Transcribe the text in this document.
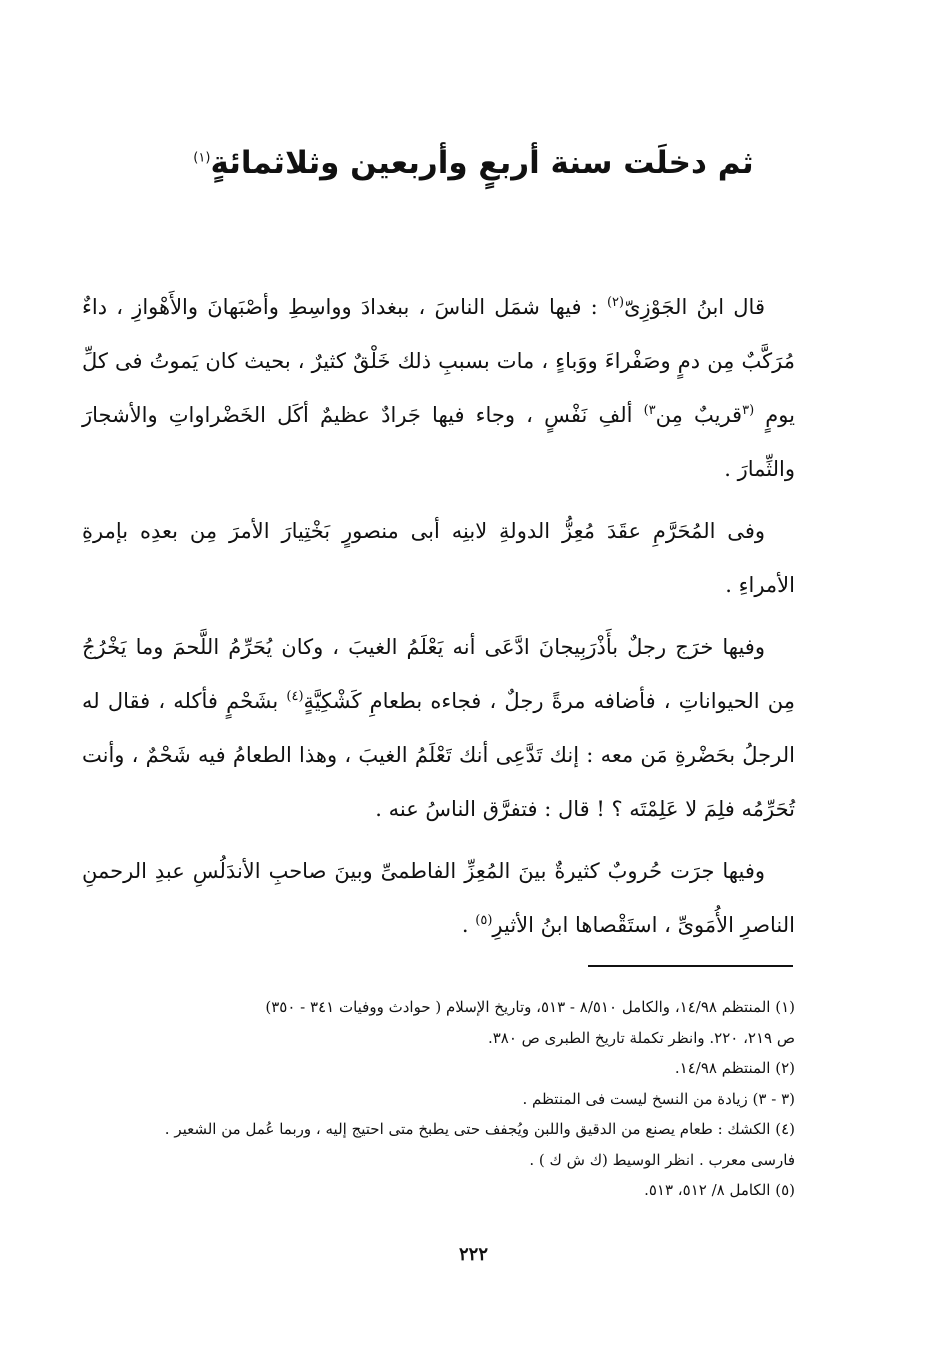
ثم دخلَت سنة أربعٍ وأربعين وثلاثمائةٍ$^{(١)}$

قال ابنُ الجَوْزِىّ$^{(٢)}$ : فيها شمَل الناسَ ، ببغدادَ وواسِطِ وأصْبَهانَ والأَهْوازِ ، داءٌ مُرَكَّبٌ مِن دمٍ وصَفْراءَ ووَباءٍ ، مات بسببِ ذلك خَلْقٌ كثيرٌ ، بحيث كان يَموتُ فى كلِّ يومٍ $^{(٣}$قريبٌ مِن$^{٣)}$ ألفِ نَفْسٍ ، وجاء فيها جَرادٌ عظيمٌ أكَل الخَضْراواتِ والأشجارَ والثِّمارَ .

وفى المُحَرَّمِ عقَدَ مُعِزُّ الدولةِ لابنِه أبى منصورٍ بَخْتِيارَ الأمرَ مِن بعدِه بإمرةِ الأمراءِ .

وفيها خرَج رجلٌ بأَذْرَبِيجانَ ادَّعَى أنه يَعْلَمُ الغيبَ ، وكان يُحَرِّمُ اللَّحمَ وما يَخْرُجُ مِن الحيواناتِ ، فأضافه مرةً رجلٌ ، فجاءه بطعامِ كَشْكِيَّةٍ$^{(٤)}$ بشَحْمٍ فأكله ، فقال له الرجلُ بحَضْرةِ مَن معه : إنك تَدَّعِى أنك تَعْلَمُ الغيبَ ، وهذا الطعامُ فيه شَحْمٌ ، وأنت تُحَرِّمُه فلِمَ لا عَلِمْتَه ؟ ! قال : فتفرَّق الناسُ عنه .

وفيها جرَت حُروبٌ كثيرةٌ بينَ المُعِزِّ الفاطمىِّ وبينَ صاحبِ الأندَلُسِ عبدِ الرحمنِ الناصرِ الأُمَوىِّ ، استَقْصاها ابنُ الأثيرِ$^{(٥)}$ .

(١) المنتظم ١٤/٩٨، والكامل ٨/٥١٠ - ٥١٣، وتاريخ الإسلام ( حوادث ووفيات ٣٤١ - ٣٥٠)
ص ٢١٩، ٢٢٠. وانظر تكملة تاريخ الطبرى ص ٣٨٠.
(٢) المنتظم ١٤/٩٨.
(٣ - ٣) زيادة من النسخ ليست فى المنتظم .
(٤) الكشك : طعام يصنع من الدقيق واللبن ويُجفف حتى يطبخ متى احتيج إليه ، وربما عُمل من الشعير .
فارسى معرب . انظر الوسيط (ك ش ك ) .
(٥) الكامل ٨/ ٥١٢، ٥١٣.
٢٢٢
